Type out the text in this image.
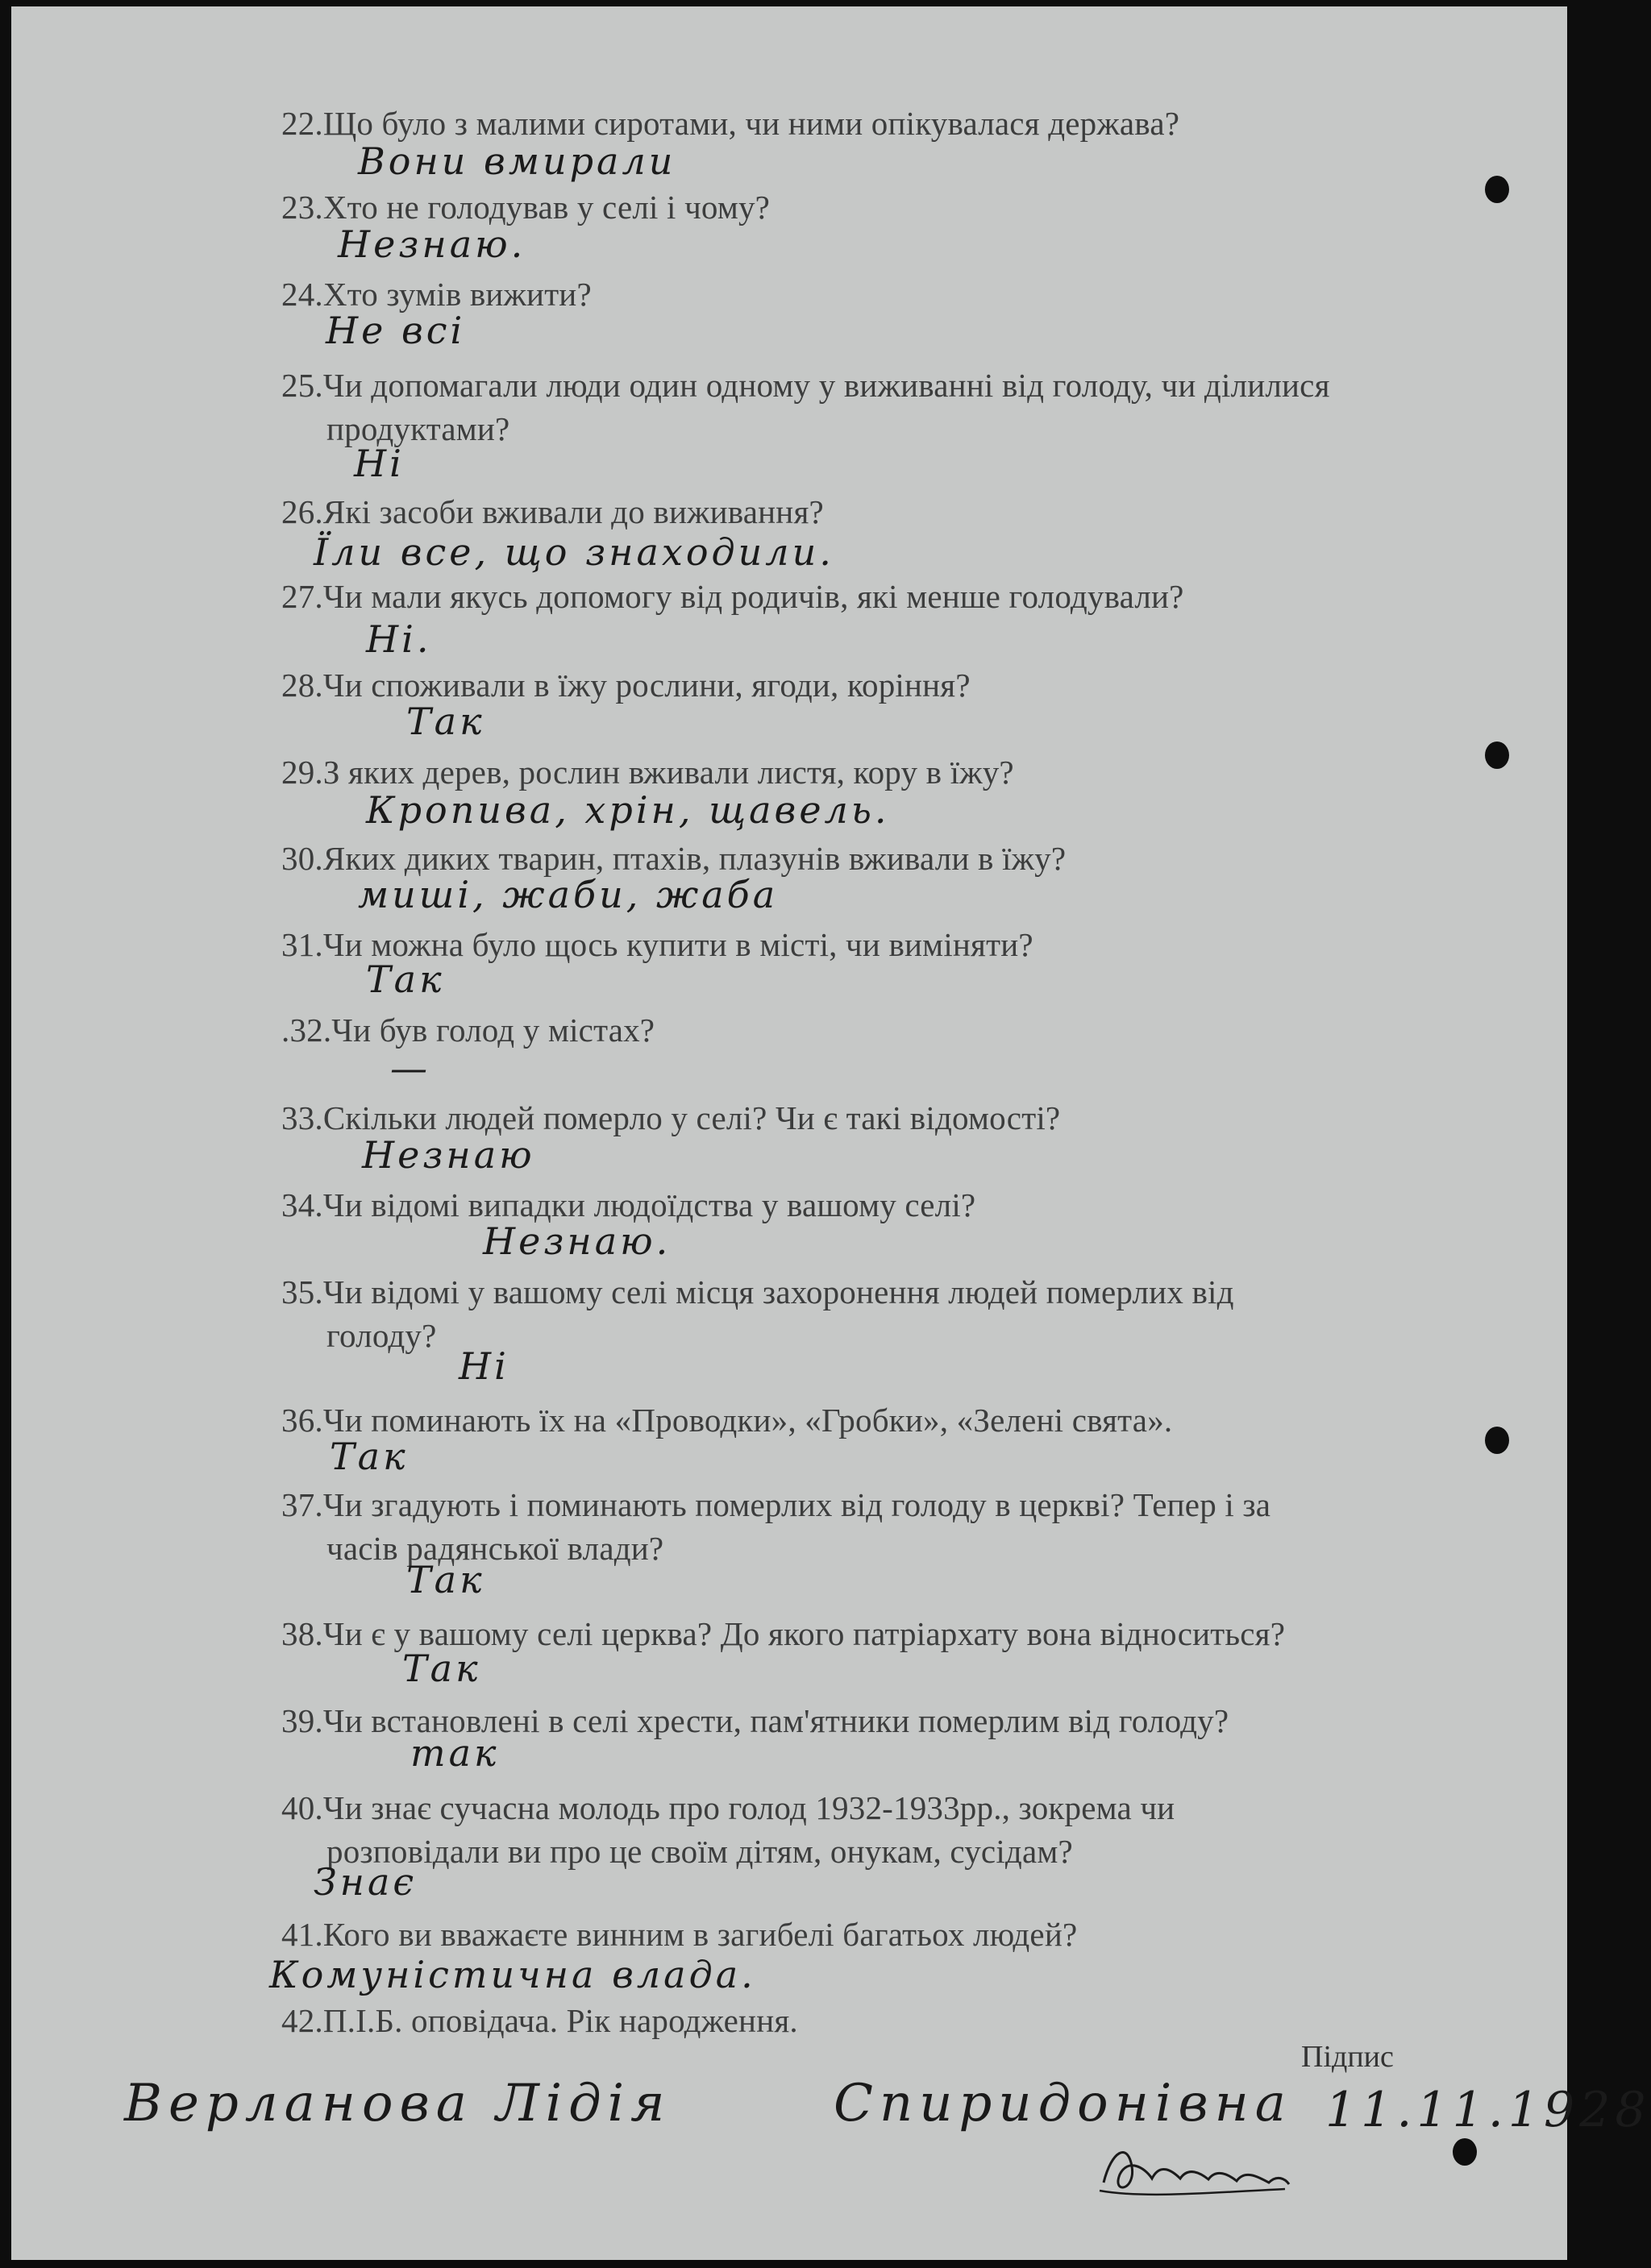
22.Що було з малими сиротами, чи ними опікувалася держава?
Вони вмирали
23.Хто не голодував у селі і чому?
Незнаю.
24.Хто зумів вижити?
Не всі
25.Чи допомагали люди один одному у виживанні від голоду, чи ділилися
продуктами?
Ні
26.Які засоби вживали до виживання?
Їли все, що знаходили.
27.Чи мали якусь допомогу від родичів, які менше голодували?
Ні.
28.Чи споживали в їжу рослини, ягоди, коріння?
Так
29.З яких дерев, рослин вживали листя, кору в їжу?
Кропива, хрін, щавель.
30.Яких диких тварин, птахів, плазунів вживали в їжу?
миші, жаби, жаба
31.Чи можна було щось купити в місті, чи виміняти?
Так
.32.Чи був голод у містах?
—
33.Скільки людей померло у селі? Чи є такі відомості?
Незнаю
34.Чи відомі випадки людоїдства у вашому селі?
Незнаю.
35.Чи відомі у вашому селі місця захоронення людей померлих від
голоду?
Ні
36.Чи поминають їх на «Проводки», «Гробки», «Зелені свята».
Так
37.Чи згадують і поминають померлих від голоду в церкві? Тепер і за
часів радянської влади?
Так
38.Чи є у вашому селі церква? До якого патріархату вона відноситься?
Так
39.Чи встановлені в селі хрести, пам'ятники померлим від голоду?
так
40.Чи знає сучасна молодь про голод 1932-1933рр., зокрема чи
розповідали ви про це своїм дітям, онукам, сусідам?
Знає
41.Кого ви вважаєте винним в загибелі багатьох людей?
Комуністична влада.
42.П.І.Б. оповідача. Рік народження.
Підпис
Верланова Лідія	Спиридонівна 11.11.1928
